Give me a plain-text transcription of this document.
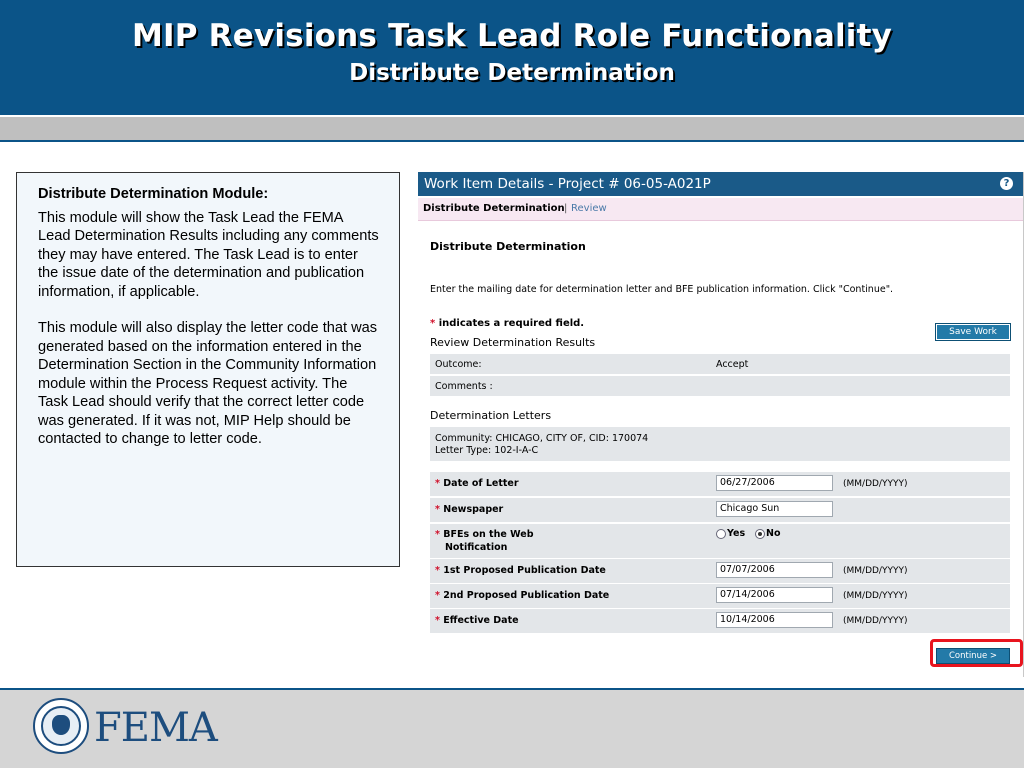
MIP Revisions Task Lead Role Functionality
Distribute Determination
Distribute Determination Module:

This module will show the Task Lead the FEMA Lead Determination Results including any comments they may have entered. The Task Lead is to enter the issue date of the determination and publication information, if applicable.

This module will also display the letter code that was generated based on the information entered in the Determination Section in the Community Information module within the Process Request activity. The Task Lead should verify that the correct letter code was generated. If it was not, MIP Help should be contacted to change to letter code.

Work Item Details - Project # 06-05-A021P	?
Distribute Determination | Review
Distribute Determination
Enter the mailing date for determination letter and BFE publication information. Click "Continue".
* indicates a required field.
Save Work
Review Determination Results
Outcome:	Accept
Comments :
Determination Letters
Community: CHICAGO, CITY OF, CID: 170074
Letter Type: 102-I-A-C
* Date of Letter	06/27/2006	(MM/DD/YYYY)
* Newspaper	Chicago Sun
* BFEs on the Web
Notification
Yes No
* 1st Proposed Publication Date	07/07/2006	(MM/DD/YYYY)
* 2nd Proposed Publication Date	07/14/2006	(MM/DD/YYYY)
* Effective Date	10/14/2006	(MM/DD/YYYY)
Continue >
FEMA
